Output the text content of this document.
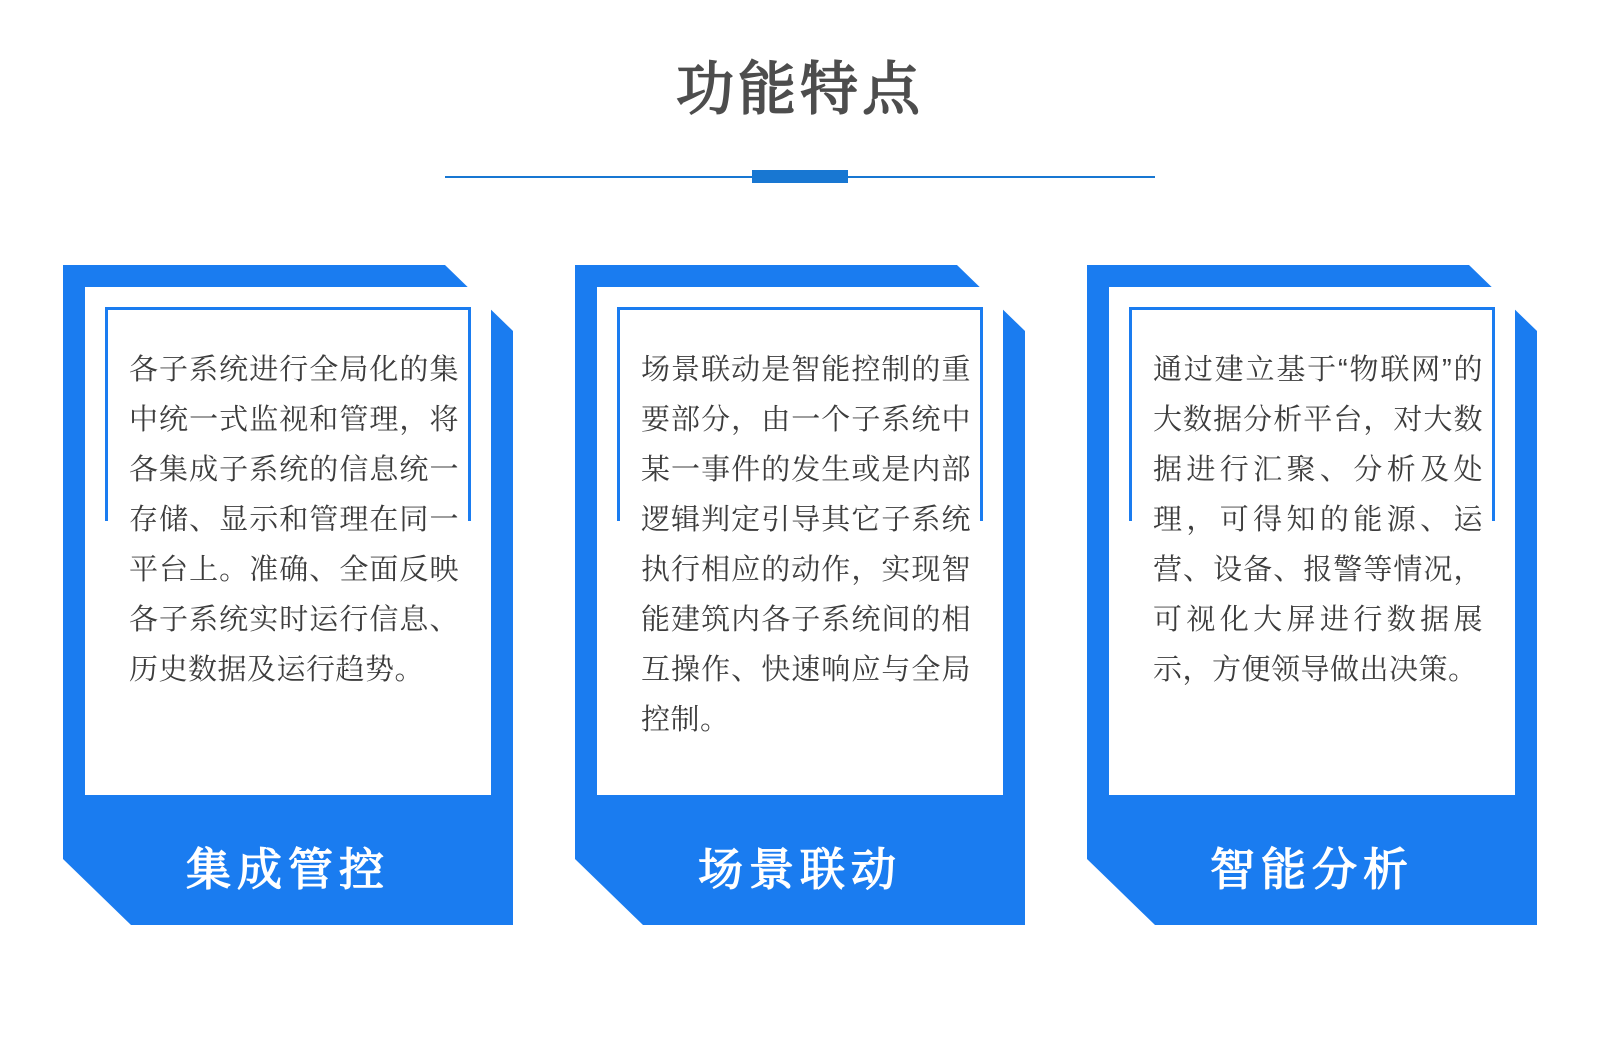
功能特点
各子系统进行全局化的集中统一式监视和管理，将各集成子系统的信息统一存储、显示和管理在同一平台上。准确、全面反映各子系统实时运行信息、历史数据及运行趋势。
集成管控
场景联动是智能控制的重要部分，由一个子系统中某一事件的发生或是内部逻辑判定引导其它子系统执行相应的动作，实现智能建筑内各子系统间的相互操作、快速响应与全局控制。
场景联动
通过建立基于“物联网”的大数据分析平台，对大数据进行汇聚、分析及处理，可得知的能源、运营、设备、报警等情况，可视化大屏进行数据展示，方便领导做出决策。
智能分析
